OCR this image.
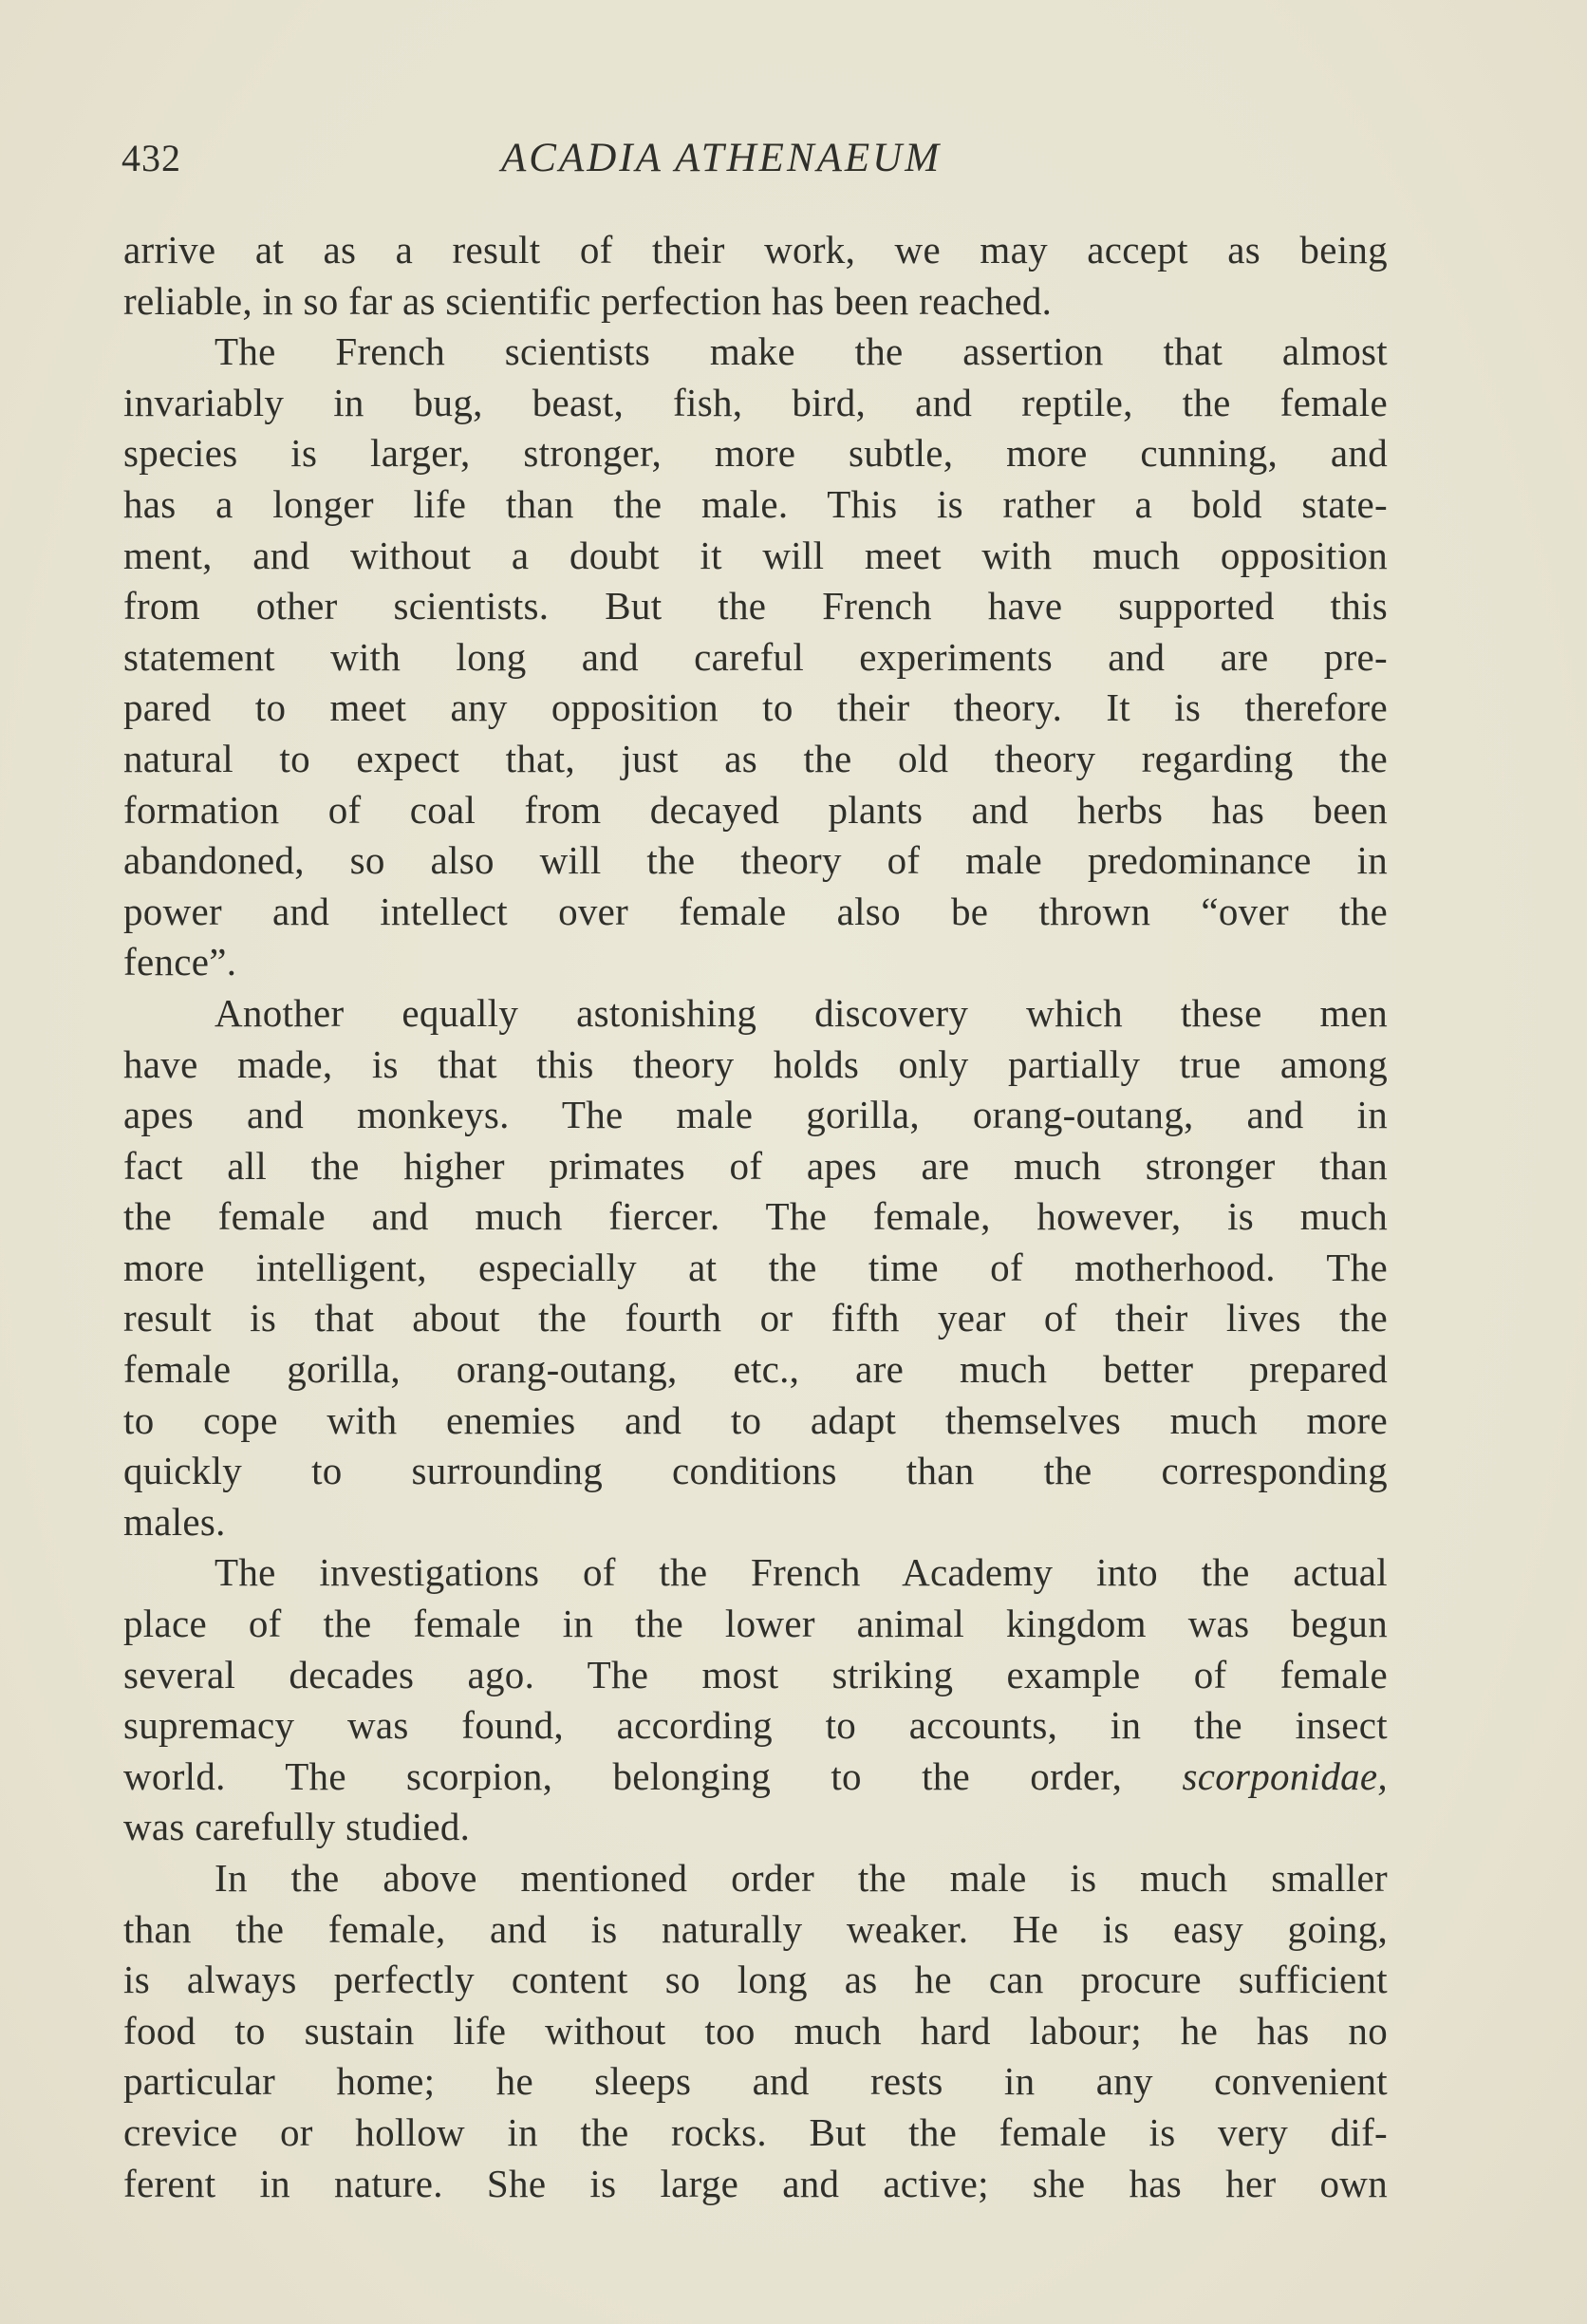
432	ACADIA ATHENAEUM
arrive at as a result of their work, we may accept as being
reliable, in so far as scientific perfection has been reached.
The French scientists make the assertion that almost
invariably in bug, beast, fish, bird, and reptile, the female
species is larger, stronger, more subtle, more cunning, and
has a longer life than the male. This is rather a bold state-
ment, and without a doubt it will meet with much opposition
from other scientists. But the French have supported this
statement with long and careful experiments and are pre-
pared to meet any opposition to their theory. It is therefore
natural to expect that, just as the old theory regarding the
formation of coal from decayed plants and herbs has been
abandoned, so also will the theory of male predominance in
power and intellect over female also be thrown “over the
fence”.
Another equally astonishing discovery which these men
have made, is that this theory holds only partially true among
apes and monkeys. The male gorilla, orang-outang, and in
fact all the higher primates of apes are much stronger than
the female and much fiercer. The female, however, is much
more intelligent, especially at the time of motherhood. The
result is that about the fourth or fifth year of their lives the
female gorilla, orang-outang, etc., are much better prepared
to cope with enemies and to adapt themselves much more
quickly to surrounding conditions than the corresponding
males.
The investigations of the French Academy into the actual
place of the female in the lower animal kingdom was begun
several decades ago. The most striking example of female
supremacy was found, according to accounts, in the insect
world. The scorpion, belonging to the order, scorponidae,
was carefully studied.
In the above mentioned order the male is much smaller
than the female, and is naturally weaker. He is easy going,
is always perfectly content so long as he can procure sufficient
food to sustain life without too much hard labour; he has no
particular home; he sleeps and rests in any convenient
crevice or hollow in the rocks. But the female is very dif-
ferent in nature. She is large and active; she has her own
